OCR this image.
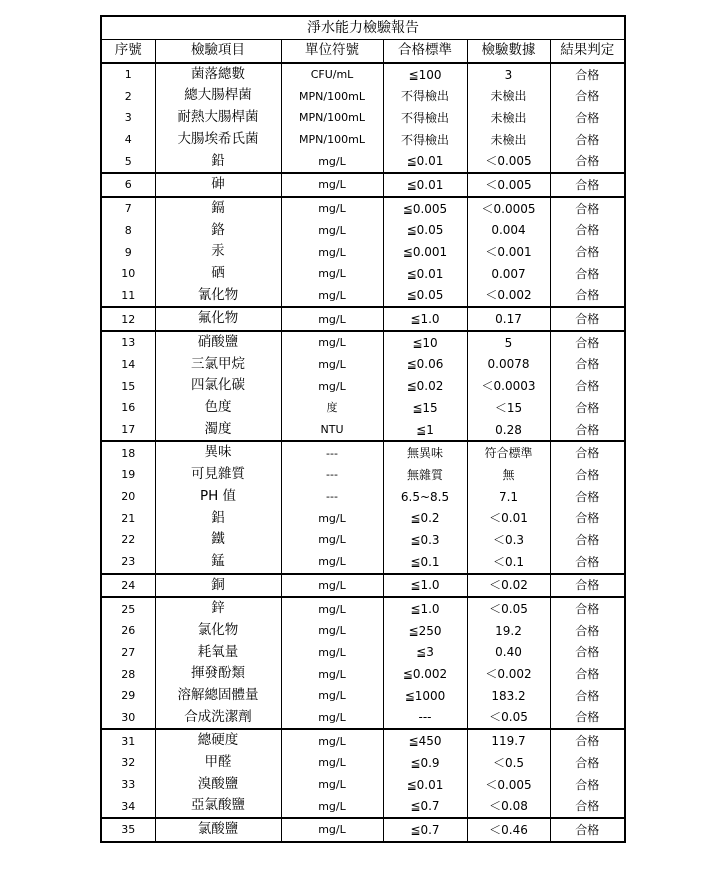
淨水能力檢驗報告					
序號	檢驗項目	單位符號	合格標準	檢驗數據	結果判定
1	菌落總數	CFU/mL	≦100	3	合格
2	總大腸桿菌	MPN/100mL	不得檢出	未檢出	合格
3	耐熱大腸桿菌	MPN/100mL	不得檢出	未檢出	合格
4	大腸埃希氏菌	MPN/100mL	不得檢出	未檢出	合格
5	鉛	mg/L	≦0.01	＜0.005	合格
6	砷	mg/L	≦0.01	＜0.005	合格
7	鎘	mg/L	≦0.005	＜0.0005	合格
8	鉻	mg/L	≦0.05	0.004	合格
9	汞	mg/L	≦0.001	＜0.001	合格
10	硒	mg/L	≦0.01	0.007	合格
11	氰化物	mg/L	≦0.05	＜0.002	合格
12	氟化物	mg/L	≦1.0	0.17	合格
13	硝酸鹽	mg/L	≦10	5	合格
14	三氯甲烷	mg/L	≦0.06	0.0078	合格
15	四氯化碳	mg/L	≦0.02	＜0.0003	合格
16	色度	度	≦15	＜15	合格
17	濁度	NTU	≦1	0.28	合格
18	異味	---	無異味	符合標準	合格
19	可見雜質	---	無雜質	無	合格
20	PH 值	---	6.5~8.5	7.1	合格
21	鋁	mg/L	≦0.2	＜0.01	合格
22	鐵	mg/L	≦0.3	＜0.3	合格
23	錳	mg/L	≦0.1	＜0.1	合格
24	銅	mg/L	≦1.0	＜0.02	合格
25	鋅	mg/L	≦1.0	＜0.05	合格
26	氯化物	mg/L	≦250	19.2	合格
27	耗氧量	mg/L	≦3	0.40	合格
28	揮發酚類	mg/L	≦0.002	＜0.002	合格
29	溶解總固體量	mg/L	≦1000	183.2	合格
30	合成洗潔劑	mg/L	---	＜0.05	合格
31	總硬度	mg/L	≦450	119.7	合格
32	甲醛	mg/L	≦0.9	＜0.5	合格
33	溴酸鹽	mg/L	≦0.01	＜0.005	合格
34	亞氯酸鹽	mg/L	≦0.7	＜0.08	合格
35	氯酸鹽	mg/L	≦0.7	＜0.46	合格
